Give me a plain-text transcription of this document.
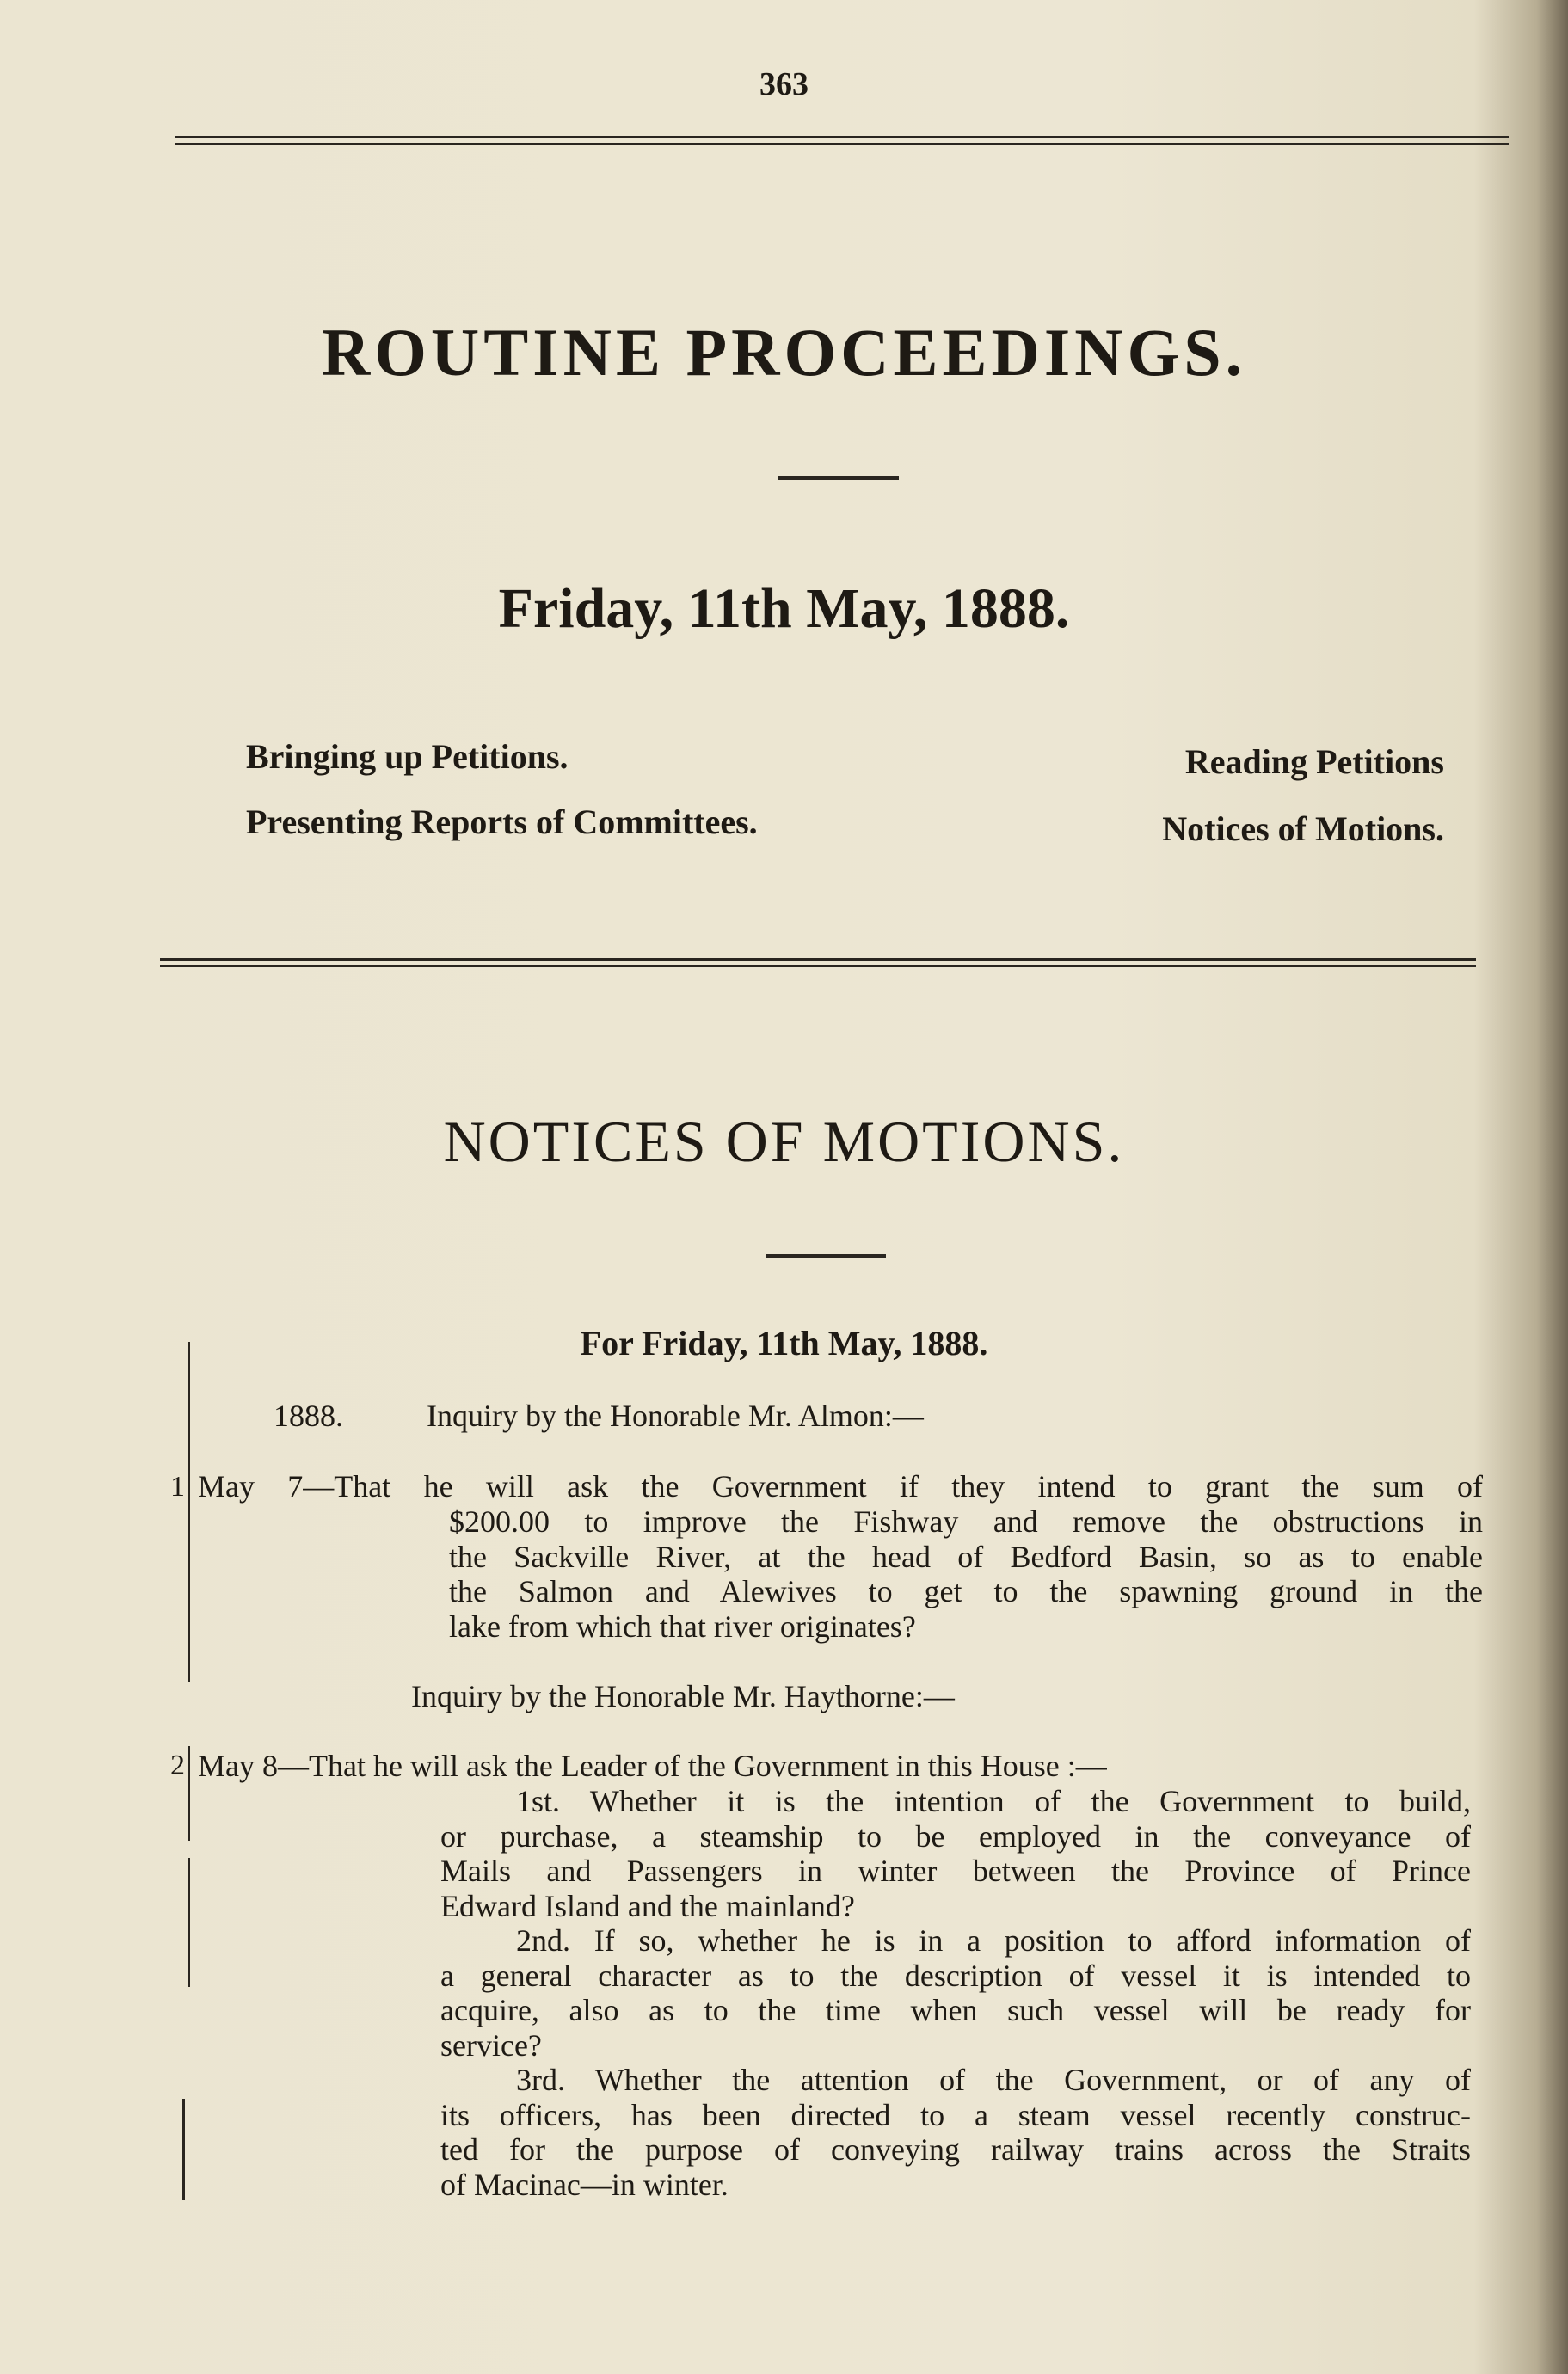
363
ROUTINE PROCEEDINGS.
Friday, 11th May, 1888.
Bringing up Petitions.
Presenting Reports of Committees.
Reading Petitions
Notices of Motions.
NOTICES OF MOTIONS.
For Friday, 11th May, 1888.
1888.	Inquiry by the Honorable Mr. Almon:—
1 May 7—That he will ask the Government if they intend to grant the sum of
$200.00 to improve the Fishway and remove the obstructions in
the Sackville River, at the head of Bedford Basin, so as to enable
the Salmon and Alewives to get to the spawning ground in the
lake from which that river originates?
Inquiry by the Honorable Mr. Haythorne:—
2 May 8—That he will ask the Leader of the Government in this House :—
1st. Whether it is the intention of the Government to build,
or purchase, a steamship to be employed in the conveyance of
Mails and Passengers in winter between the Province of Prince
Edward Island and the mainland?
2nd. If so, whether he is in a position to afford information of
a general character as to the description of vessel it is intended to
acquire, also as to the time when such vessel will be ready for
service?
3rd. Whether the attention of the Government, or of any of
its officers, has been directed to a steam vessel recently construc-
ted for the purpose of conveying railway trains across the Straits
of Macinac—in winter.
